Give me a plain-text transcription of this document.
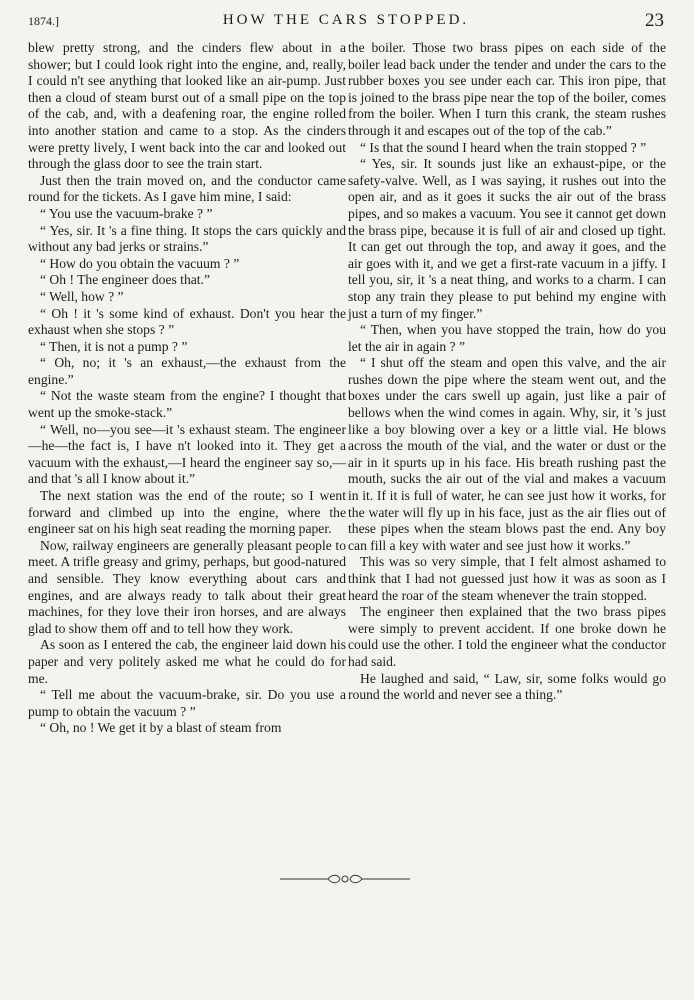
1874.]	HOW THE CARS STOPPED.	23

blew pretty strong, and the cinders flew about in a shower; but I could look right into the engine, and, really, I could n't see anything that looked like an air-pump. Just then a cloud of steam burst out of a small pipe on the top of the cab, and, with a deafening roar, the engine rolled into another station and came to a stop. As the cinders were pretty lively, I went back into the car and looked out through the glass door to see the train start.

Just then the train moved on, and the conductor came round for the tickets. As I gave him mine, I said:

“ You use the vacuum-brake ? ”

“ Yes, sir. It 's a fine thing. It stops the cars quickly and without any bad jerks or strains.”

“ How do you obtain the vacuum ? ”

“ Oh ! The engineer does that.”

“ Well, how ? ”

“ Oh ! it 's some kind of exhaust. Don't you hear the exhaust when she stops ? ”

“ Then, it is not a pump ? ”

“ Oh, no; it 's an exhaust,—the exhaust from the engine.”

“ Not the waste steam from the engine? I thought that went up the smoke-stack.”

“ Well, no—you see—it 's exhaust steam. The engineer—he—the fact is, I have n't looked into it. They get a vacuum with the exhaust,—I heard the engineer say so,—and that 's all I know about it.”

The next station was the end of the route; so I went forward and climbed up into the engine, where the engineer sat on his high seat reading the morning paper.

Now, railway engineers are generally pleasant people to meet. A trifle greasy and grimy, perhaps, but good-natured and sensible. They know everything about cars and engines, and are always ready to talk about their great machines, for they love their iron horses, and are always glad to show them off and to tell how they work.

As soon as I entered the cab, the engineer laid down his paper and very politely asked me what he could do for me.

“ Tell me about the vacuum-brake, sir. Do you use a pump to obtain the vacuum ? ”

“ Oh, no ! We get it by a blast of steam from

the boiler. Those two brass pipes on each side of the boiler lead back under the tender and under the cars to the rubber boxes you see under each car. This iron pipe, that is joined to the brass pipe near the top of the boiler, comes from the boiler. When I turn this crank, the steam rushes through it and escapes out of the top of the cab.”

“ Is that the sound I heard when the train stopped ? ”

“ Yes, sir. It sounds just like an exhaust-pipe, or the safety-valve. Well, as I was saying, it rushes out into the open air, and as it goes it sucks the air out of the brass pipes, and so makes a vacuum. You see it cannot get down the brass pipe, because it is full of air and closed up tight. It can get out through the top, and away it goes, and the air goes with it, and we get a first-rate vacuum in a jiffy. I tell you, sir, it 's a neat thing, and works to a charm. I can stop any train they please to put behind my engine with just a turn of my finger.”

“ Then, when you have stopped the train, how do you let the air in again ? ”

“ I shut off the steam and open this valve, and the air rushes down the pipe where the steam went out, and the boxes under the cars swell up again, just like a pair of bellows when the wind comes in again. Why, sir, it 's just like a boy blowing over a key or a little vial. He blows across the mouth of the vial, and the water or dust or the air in it spurts up in his face. His breath rushing past the mouth, sucks the air out of the vial and makes a vacuum in it. If it is full of water, he can see just how it works, for the water will fly up in his face, just as the air flies out of these pipes when the steam blows past the end. Any boy can fill a key with water and see just how it works.”

This was so very simple, that I felt almost ashamed to think that I had not guessed just how it was as soon as I heard the roar of the steam whenever the train stopped.

The engineer then explained that the two brass pipes were simply to prevent accident. If one broke down he could use the other. I told the engineer what the conductor had said.

He laughed and said, “ Law, sir, some folks would go round the world and never see a thing.”
